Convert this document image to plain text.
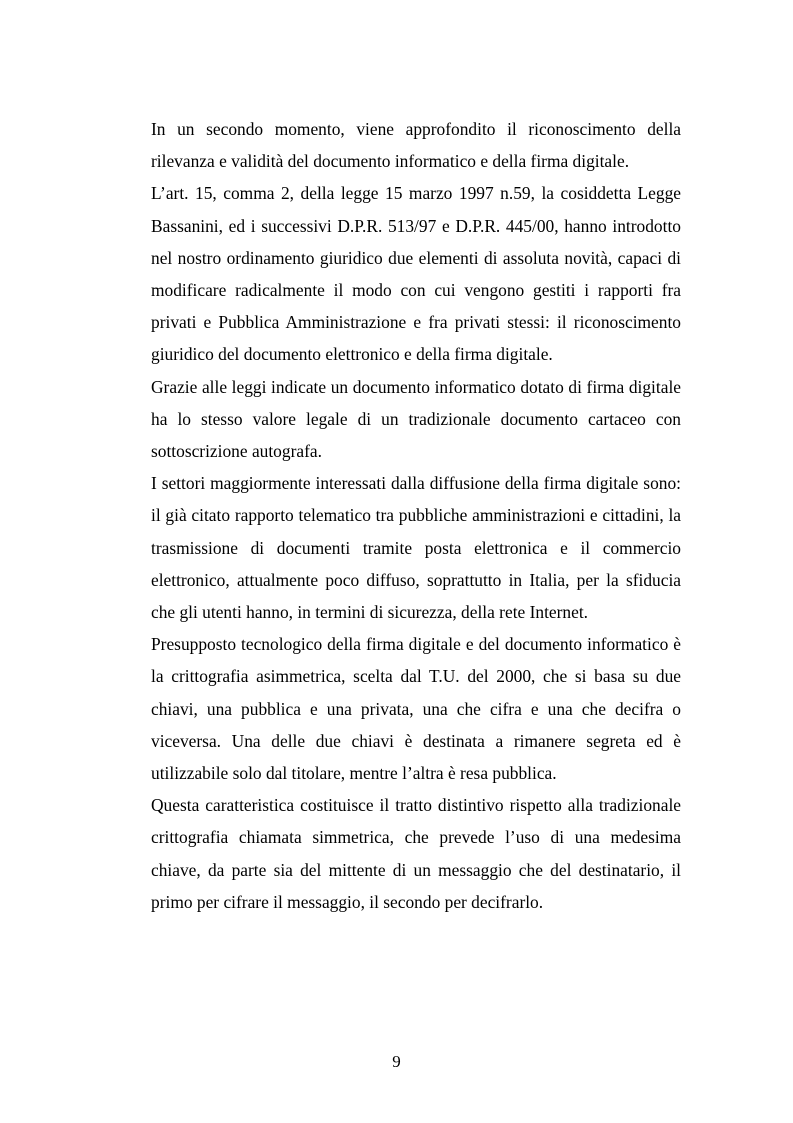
In un secondo momento, viene approfondito il riconoscimento della rilevanza e validità del documento informatico e della firma digitale.

L’art. 15, comma 2, della legge 15 marzo 1997 n.59, la cosiddetta Legge Bassanini, ed i successivi D.P.R. 513/97 e D.P.R. 445/00, hanno introdotto nel nostro ordinamento giuridico due elementi di assoluta novità, capaci di modificare radicalmente il modo con cui vengono gestiti i rapporti fra privati e Pubblica Amministrazione e fra privati stessi: il riconoscimento giuridico del documento elettronico e della firma digitale.

Grazie alle leggi indicate un documento informatico dotato di firma digitale ha lo stesso valore legale di un tradizionale documento cartaceo con sottoscrizione autografa.

I settori maggiormente interessati dalla diffusione della firma digitale sono: il già citato rapporto telematico tra pubbliche amministrazioni e cittadini, la trasmissione di documenti tramite posta elettronica e il commercio elettronico, attualmente poco diffuso, soprattutto in Italia, per la sfiducia che gli utenti hanno, in termini di sicurezza, della rete Internet.

Presupposto tecnologico della firma digitale e del documento informatico è la crittografia asimmetrica, scelta dal T.U. del 2000, che si basa su due chiavi, una pubblica e una privata, una che cifra e una che decifra o viceversa. Una delle due chiavi è destinata a rimanere segreta ed è utilizzabile solo dal titolare, mentre l’altra è resa pubblica.

Questa caratteristica costituisce il tratto distintivo rispetto alla tradizionale crittografia chiamata simmetrica, che prevede l’uso di una medesima chiave, da parte sia del mittente di un messaggio che del destinatario, il primo per cifrare il messaggio, il secondo per decifrarlo.

9
